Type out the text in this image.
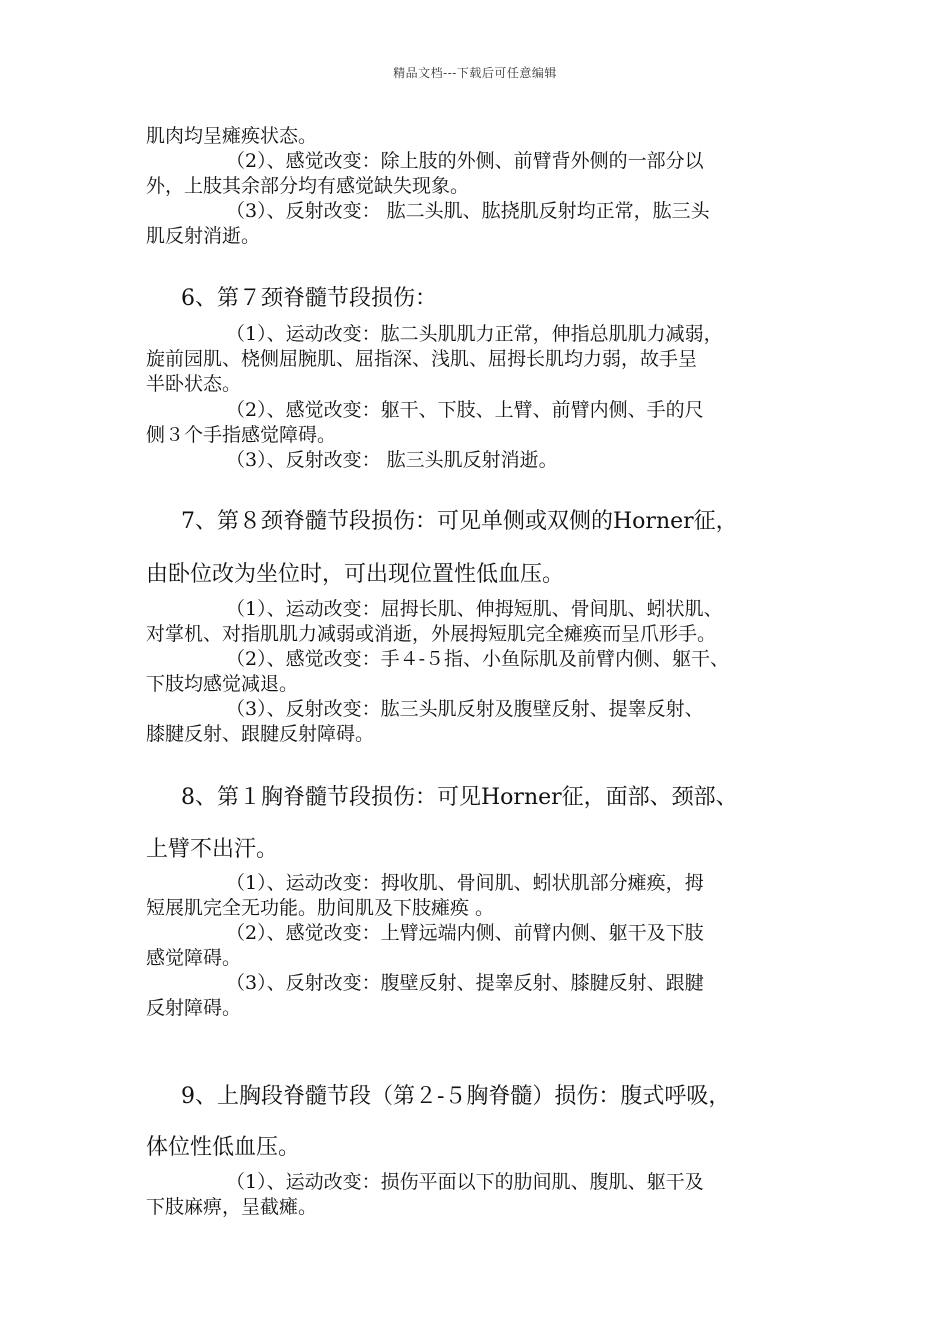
精品文档---下载后可任意编辑
肌肉均呈瘫痪状态。
（2）、感觉改变：除上肢的外侧、前臂背外侧的一部分以
外，上肢其余部分均有感觉缺失现象。
（3）、反射改变： 肱二头肌、肱挠肌反射均正常，肱三头
肌反射消逝。
6、第７颈脊髓节段损伤：
（1）、运动改变：肱二头肌肌力正常，伸指总肌肌力减弱，
旋前园肌、桡侧屈腕肌、屈指深、浅肌、屈拇长肌均力弱，故手呈
半卧状态。
（2）、感觉改变：躯干、下肢、上臂、前臂内侧、手的尺
侧３个手指感觉障碍。
（3）、反射改变： 肱三头肌反射消逝。
7、第８颈脊髓节段损伤：可见单侧或双侧的Horner征，
由卧位改为坐位时，可出现位置性低血压。
（1）、运动改变：屈拇长肌、伸拇短肌、骨间肌、蚓状肌、
对掌机、对指肌肌力减弱或消逝，外展拇短肌完全瘫痪而呈爪形手。
（2）、感觉改变：手４-５指、小鱼际肌及前臂内侧、躯干、
下肢均感觉减退。
（3）、反射改变：肱三头肌反射及腹壁反射、提睾反射、
膝腱反射、跟腱反射障碍。
8、第１胸脊髓节段损伤：可见Horner征，面部、颈部、
上臂不出汗。
（1）、运动改变：拇收肌、骨间肌、蚓状肌部分瘫痪，拇
短展肌完全无功能。肋间肌及下肢瘫痪 。
（2）、感觉改变：上臂远端内侧、前臂内侧、躯干及下肢
感觉障碍。
（3）、反射改变：腹壁反射、提睾反射、膝腱反射、跟腱
反射障碍。
9、上胸段脊髓节段（第２-５胸脊髓）损伤：腹式呼吸，
体位性低血压。
（1）、运动改变：损伤平面以下的肋间肌、腹肌、躯干及
下肢麻痹，呈截瘫。
